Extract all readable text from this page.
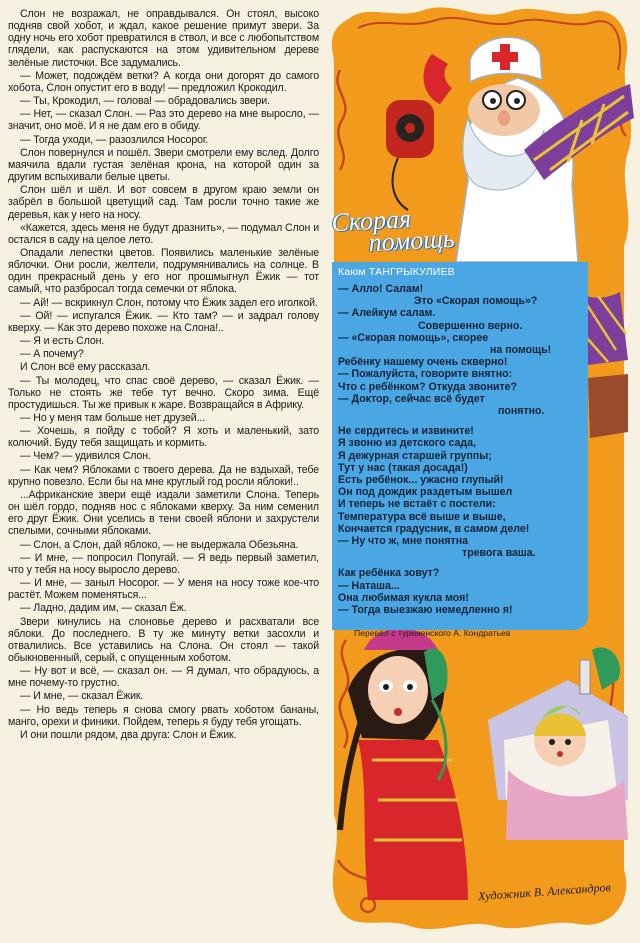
Слон не возражал, не оправдывался. Он стоял, высоко подняв свой хобот, и ждал, какое решение примут звери. За одну ночь его хобот превратился в ствол, и все с любопытством глядели, как распускаются на этом удивительном дереве зелёные листочки. Все задумались.

— Может, подождём ветки? А когда они догорят до самого хобота, Слон опустит его в воду! — предложил Крокодил.

— Ты, Крокодил, — голова! — обрадовались звери.

— Нет, — сказал Слон. — Раз это дерево на мне выросло, — значит, оно моё. И я не дам его в обиду.

— Тогда уходи, — разозлился Носорог.

Слон повернулся и пошёл. Звери смотрели ему вслед. Долго маячила вдали густая зелёная крона, на которой один за другим вспыхивали белые цветы.

Слон шёл и шёл. И вот совсем в другом краю земли он забрёл в большой цветущий сад. Там росли точно такие же деревья, как у него на носу.

«Кажется, здесь меня не будут дразнить», — подумал Слон и остался в саду на целое лето.

Опадали лепестки цветов. Появились маленькие зелёные яблочки. Они росли, желтели, подрумянивались на солнце. В один прекрасный день у его ног прошмыгнул Ёжик — тот самый, что разбросал тогда семечки от яблока.

— Ай! — вскрикнул Слон, потому что Ёжик задел его иголкой.

— Ой! — испугался Ёжик. — Кто там? — и задрал голову кверху. — Как это дерево похоже на Слона!..

— Я и есть Слон.

— А почему?

И Слон всё ему рассказал.

— Ты молодец, что спас своё дерево, — сказал Ёжик. — Только не стоять же тебе тут вечно. Скоро зима. Ещё простудишься. Ты же привык к жаре. Возвращайся в Африку.

— Но у меня там больше нет друзей...

— Хочешь, я пойду с тобой? Я хоть и маленький, зато колючий. Буду тебя защищать и кормить.

— Чем? — удивился Слон.

— Как чем? Яблоками с твоего дерева. Да не вздыхай, тебе крупно повезло. Если бы на мне круглый год росли яблоки!..

...Африканские звери ещё издали заметили Слона. Теперь он шёл гордо, подняв нос с яблоками кверху. За ним семенил его друг Ёжик. Они уселись в тени своей яблони и захрустели спелыми, сочными яблоками.

— Слон, а Слон, дай яблоко, — не выдержала Обезьяна.

— И мне, — попросил Попугай. — Я ведь первый заметил, что у тебя на носу выросло дерево.

— И мне, — заныл Носорог. — У меня на носу тоже кое-что растёт. Можем поменяться...

— Ладно, дадим им, — сказал Ёж.

Звери кинулись на слоновье дерево и расхватали все яблоки. До последнего. В ту же минуту ветки засохли и отвалились. Все уставились на Слона. Он стоял — такой обыкновенный, серый, с опущенным хоботом.

— Ну вот и всё, — сказал он. — Я думал, что обрадуюсь, а мне почему-то грустно.

— И мне, — сказал Ёжик.

— Но ведь теперь я снова смогу рвать хоботом бананы, манго, орехи и финики. Пойдем, теперь я буду тебя угощать.

И они пошли рядом, два друга: Слон и Ёжик.

Скорая
помощь
Каюм ТАНГРЫКУЛИЕВ
— Алло! Салам!
Это «Скорая помощь»?
— Алейкум салам.
Совершенно верно.
— «Скорая помощь», скорее
на помощь!
Ребёнку нашему очень скверно!
— Пожалуйста, говорите внятно:
Что с ребёнком? Откуда звоните?
— Доктор, сейчас всё будет
понятно.
Не сердитесь и извините!
Я звоню из детского сада,
Я дежурная старшей группы;
Тут у нас (такая досада!)
Есть ребёнок... ужасно глупый!
Он под дождик раздетым вышел
И теперь не встаёт с постели:
Температура всё выше и выше,
Кончается градусник, в самом деле!
— Ну что ж, мне понятна
тревога ваша.
Как ребёнка зовут?
— Наташа...
Она любимая кукла моя!
— Тогда выезжаю немедленно я!
Перевёл с туркменского А. Кондратьев
Художник В. Александров
